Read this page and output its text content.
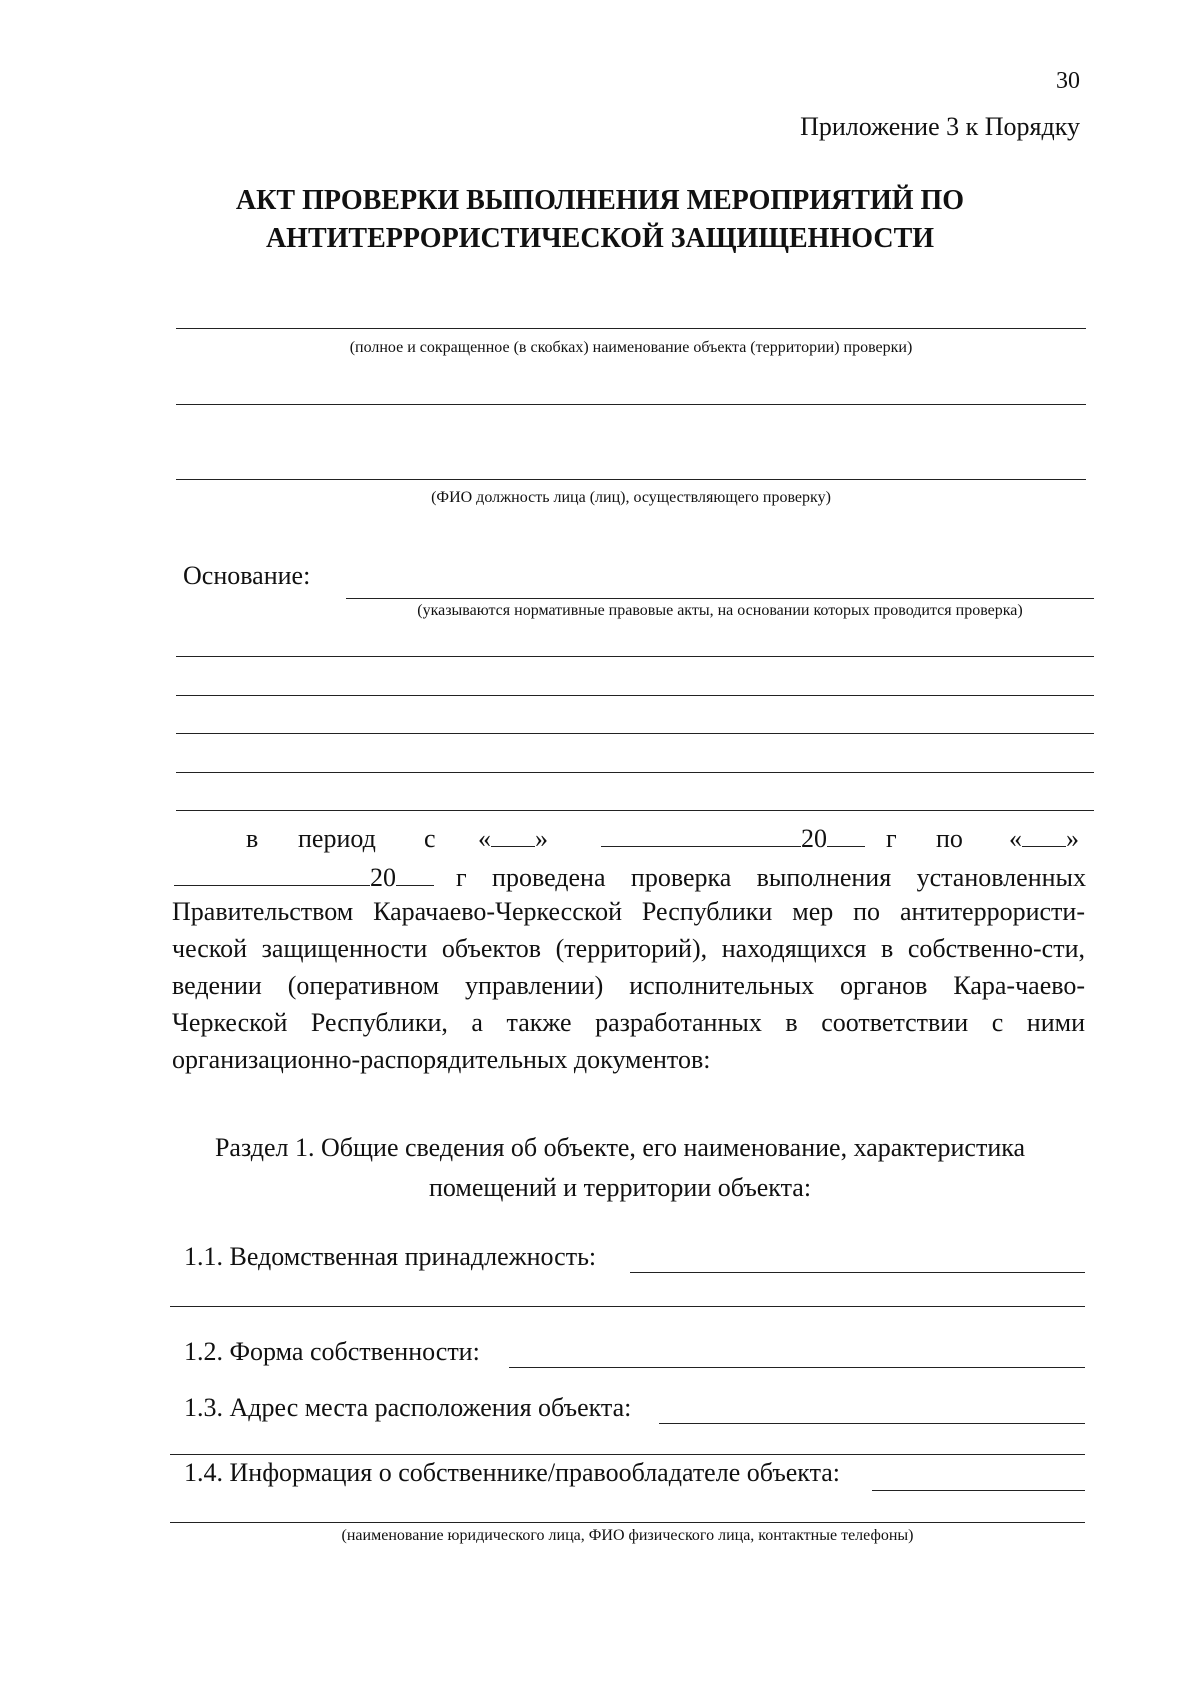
30
Приложение 3 к Порядку
АКТ ПРОВЕРКИ ВЫПОЛНЕНИЯ МЕРОПРИЯТИЙ ПО
АНТИТЕРРОРИСТИЧЕСКОЙ ЗАЩИЩЕННОСТИ
(полное и сокращенное (в скобках) наименование объекта (территории) проверки)
(ФИО должность лица (лиц), осуществляющего проверку)
Основание:
(указываются нормативные правовые акты, на основании которых проводится проверка)
в период с « »	20	г по « »
20	г проведена проверка выполнения установленных
Правительством Карачаево-Черкесской Республики мер по антитеррористи-ческой защищенности объектов (территорий), находящихся в собственно-сти, ведении (оперативном управлении) исполнительных органов Кара-чаево-Черкеской Республики, а также разработанных в соответствии с ними организационно-распорядительных документов:
Раздел 1. Общие сведения об объекте, его наименование, характеристика
помещений и территории объекта:
1.1. Ведомственная принадлежность:
1.2. Форма собственности:
1.3. Адрес места расположения объекта:
1.4. Информация о собственнике/правообладателе объекта:
(наименование юридического лица, ФИО физического лица, контактные телефоны)
